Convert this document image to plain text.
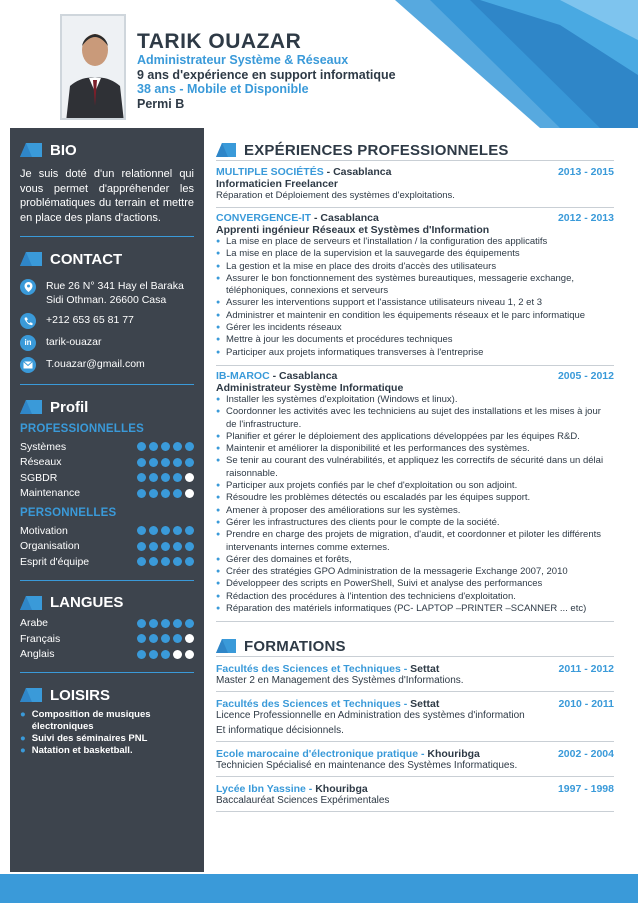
TARIK OUAZAR
Administrateur Système & Réseaux
9 ans d'expérience en support informatique
38 ans - Mobile et Disponible
Permi B
BIO

Je suis doté d'un relationnel qui vous permet d'appréhender les problématiques du terrain et mettre en place des plans d'actions.

CONTACT
Rue 26 N° 341 Hay el Baraka Sidi Othman. 26600 Casa
+212 653 65 81 77
in	tarik-ouazar
T.ouazar@gmail.com
Profil
PROFESSIONNELLES
Systèmes
Réseaux
SGBDR
Maintenance
PERSONNELLES
Motivation
Organisation
Esprit d'équipe
LANGUES
Arabe
Français
Anglais
LOISIRS
● Composition de musiques électroniques
● Suivi des séminaires PNL
● Natation et basketball.
EXPÉRIENCES PROFESSIONNELES
MULTIPLE SOCIÉTÉS - Casablanca	2013 - 2015
Informaticien Freelancer
Réparation et Déploiement des systèmes d'exploitations.
CONVERGENCE-IT - Casablanca	2012 - 2013
Apprenti ingénieur Réseaux et Systèmes d'Information
● La mise en place de serveurs et l'installation / la configuration des applicatifs
● La mise en place de la supervision et la sauvegarde des équipements
● La gestion et la mise en place des droits d'accès des utilisateurs
● Assurer le bon fonctionnement des systèmes bureautiques, messagerie exchange, téléphoniques, connexions et serveurs
● Assurer les interventions support et l'assistance utilisateurs niveau 1, 2 et 3
● Administrer et maintenir en condition les équipements réseaux et le parc informatique
● Gérer les incidents réseaux
● Mettre à jour les documents et procédures techniques
● Participer aux projets informatiques transverses à l'entreprise
IB-MAROC - Casablanca	2005 - 2012
Administrateur Système Informatique
● Installer les systèmes d'exploitation (Windows et linux).
● Coordonner les activités avec les techniciens au sujet des installations et les mises à jour de l'infrastructure.
● Planifier et gérer le déploiement des applications développées par les équipes R&D.
● Maintenir et améliorer la disponibilité et les performances des systèmes.
● Se tenir au courant des vulnérabilités, et appliquez les correctifs de sécurité dans un délai raisonnable.
● Participer aux projets confiés par le chef d'exploitation ou son adjoint.
● Résoudre les problèmes détectés ou escaladés par les équipes support.
● Amener à proposer des améliorations sur les systèmes.
● Gérer les infrastructures des clients pour le compte de la société.
● Prendre en charge des projets de migration, d'audit, et coordonner et piloter les différents intervenants internes comme externes.
● Gérer des domaines et forêts,
● Créer des stratégies GPO Administration de la messagerie Exchange 2007, 2010
● Développeer des scripts en PowerShell, Suivi et analyse des performances
● Rédaction des procédures à l'intention des techniciens d'exploitation.
● Réparation des matériels informatiques (PC- LAPTOP –PRINTER –SCANNER ... etc)
FORMATIONS
Facultés des Sciences et Techniques - Settat	2011 - 2012
Master 2 en Management des Systèmes d'Informations.
Facultés des Sciences et Techniques - Settat	2010 - 2011
Licence Professionnelle en Administration des systèmes d'information
Et informatique décisionnels.
Ecole marocaine d'électronique pratique - Khouribga	2002 - 2004
Technicien Spécialisé en maintenance des Systèmes Informatiques.
Lycée Ibn Yassine - Khouribga	1997 - 1998
Baccalauréat Sciences Expérimentales
